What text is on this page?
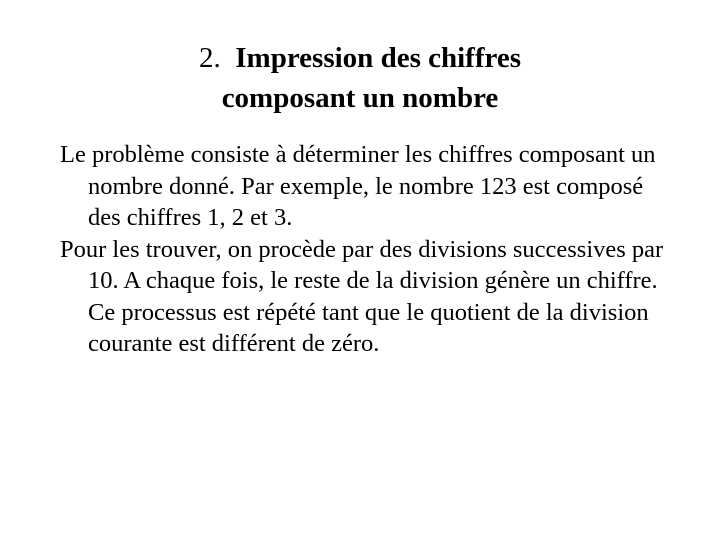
2. Impression des chiffres
composant un nombre

Le problème consiste à déterminer les chiffres composant un nombre donné. Par exemple, le nombre 123 est composé des chiffres 1, 2 et 3.

Pour les trouver, on procède par des divisions successives par 10. A chaque fois, le reste de la division génère un chiffre. Ce processus est répété tant que le quotient de la division courante est différent de zéro.
